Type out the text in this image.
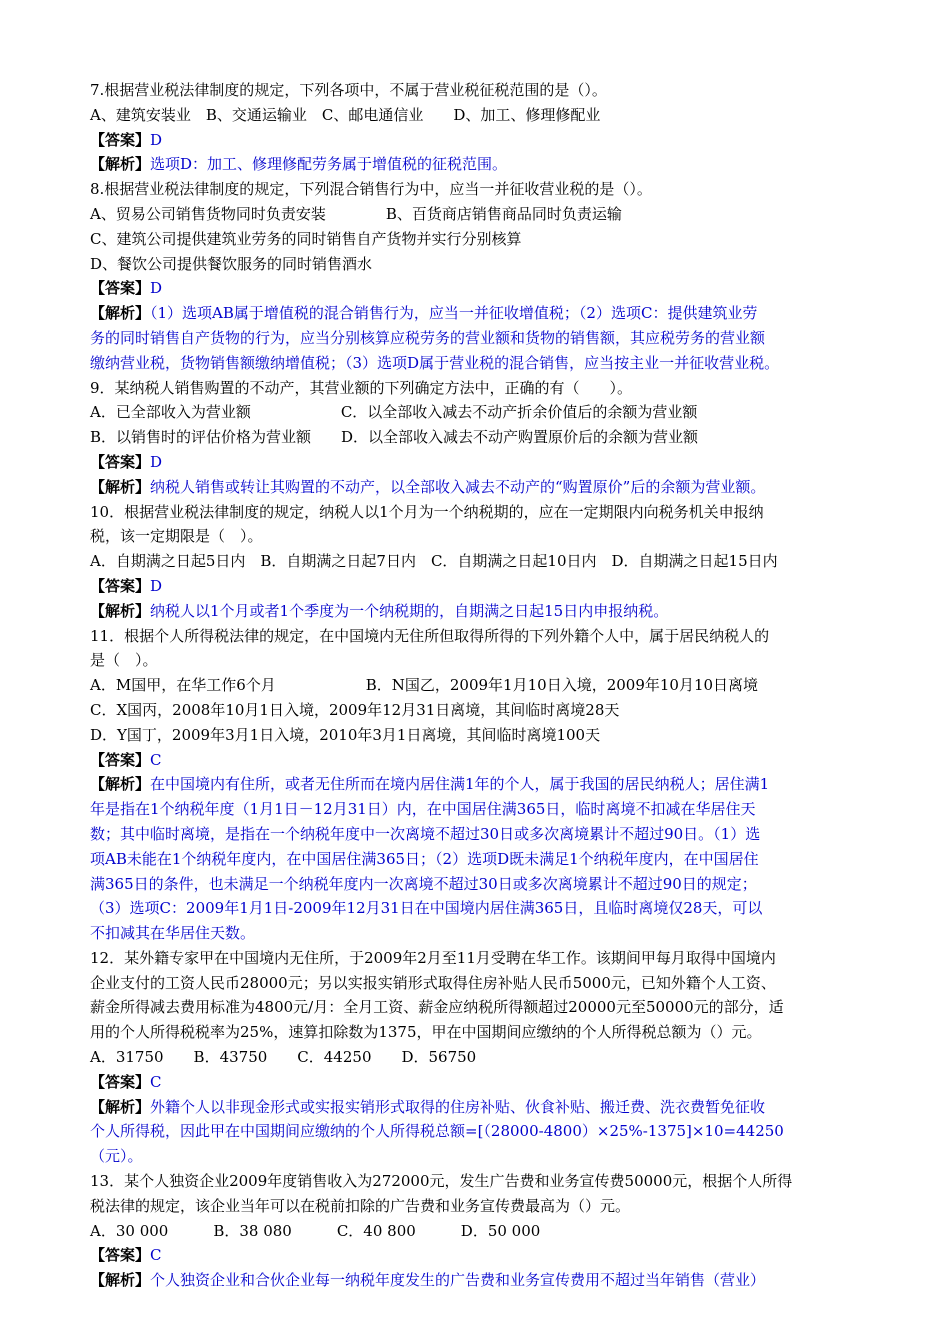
7.根据营业税法律制度的规定，下列各项中，不属于营业税征税范围的是（）。
A、建筑安装业　B、交通运输业　C、邮电通信业　　D、加工、修理修配业
【答案】D
【解析】选项D：加工、修理修配劳务属于增值税的征税范围。
8.根据营业税法律制度的规定，下列混合销售行为中，应当一并征收营业税的是（）。
A、贸易公司销售货物同时负责安装　　　　B、百货商店销售商品同时负责运输
C、建筑公司提供建筑业劳务的同时销售自产货物并实行分别核算
D、餐饮公司提供餐饮服务的同时销售酒水
【答案】D
【解析】（1）选项AB属于增值税的混合销售行为，应当一并征收增值税；（2）选项C：提供建筑业劳
务的同时销售自产货物的行为，应当分别核算应税劳务的营业额和货物的销售额，其应税劳务的营业额
缴纳营业税，货物销售额缴纳增值税；（3）选项D属于营业税的混合销售，应当按主业一并征收营业税。
9．某纳税人销售购置的不动产，其营业额的下列确定方法中，正确的有（　　）。
A．已全部收入为营业额　　　　　　C．以全部收入减去不动产折余价值后的余额为营业额
B．以销售时的评估价格为营业额　　D．以全部收入减去不动产购置原价后的余额为营业额
【答案】D
【解析】纳税人销售或转让其购置的不动产，以全部收入减去不动产的“购置原价”后的余额为营业额。
10．根据营业税法律制度的规定，纳税人以1个月为一个纳税期的，应在一定期限内向税务机关申报纳
税，该一定期限是（　）。
A．自期满之日起5日内　B．自期满之日起7日内　C．自期满之日起10日内　D．自期满之日起15日内
【答案】D
【解析】纳税人以1个月或者1个季度为一个纳税期的，自期满之日起15日内申报纳税。
11．根据个人所得税法律的规定，在中国境内无住所但取得所得的下列外籍个人中，属于居民纳税人的
是（　）。
A．M国甲，在华工作6个月　　　　　　B．N国乙，2009年1月10日入境，2009年10月10日离境
C．X国丙，2008年10月1日入境，2009年12月31日离境，其间临时离境28天
D．Y国丁，2009年3月1日入境，2010年3月1日离境，其间临时离境100天
【答案】C
【解析】在中国境内有住所，或者无住所而在境内居住满1年的个人，属于我国的居民纳税人；居住满1
年是指在1个纳税年度（1月1日－12月31日）内，在中国居住满365日，临时离境不扣减在华居住天
数；其中临时离境，是指在一个纳税年度中一次离境不超过30日或多次离境累计不超过90日。（1）选
项AB未能在1个纳税年度内，在中国居住满365日；（2）选项D既未满足1个纳税年度内，在中国居住
满365日的条件，也未满足一个纳税年度内一次离境不超过30日或多次离境累计不超过90日的规定；
（3）选项C：2009年1月1日-2009年12月31日在中国境内居住满365日，且临时离境仅28天，可以
不扣减其在华居住天数。
12．某外籍专家甲在中国境内无住所，于2009年2月至11月受聘在华工作。该期间甲每月取得中国境内
企业支付的工资人民币28000元；另以实报实销形式取得住房补贴人民币5000元，已知外籍个人工资、
薪金所得减去费用标准为4800元/月：全月工资、薪金应纳税所得额超过20000元至50000元的部分，适
用的个人所得税税率为25%，速算扣除数为1375，甲在中国期间应缴纳的个人所得税总额为（）元。
A．31750　　B．43750　　C．44250　　D．56750
【答案】C
【解析】外籍个人以非现金形式或实报实销形式取得的住房补贴、伙食补贴、搬迁费、洗衣费暂免征收
个人所得税，因此甲在中国期间应缴纳的个人所得税总额=[（28000-4800）×25%-1375]×10=44250
（元）。
13．某个人独资企业2009年度销售收入为272000元，发生广告费和业务宣传费50000元，根据个人所得
税法律的规定，该企业当年可以在税前扣除的广告费和业务宣传费最高为（）元。
A．30 000　　　B．38 080　　　C．40 800　　　D．50 000
【答案】C
【解析】个人独资企业和合伙企业每一纳税年度发生的广告费和业务宣传费用不超过当年销售（营业）
